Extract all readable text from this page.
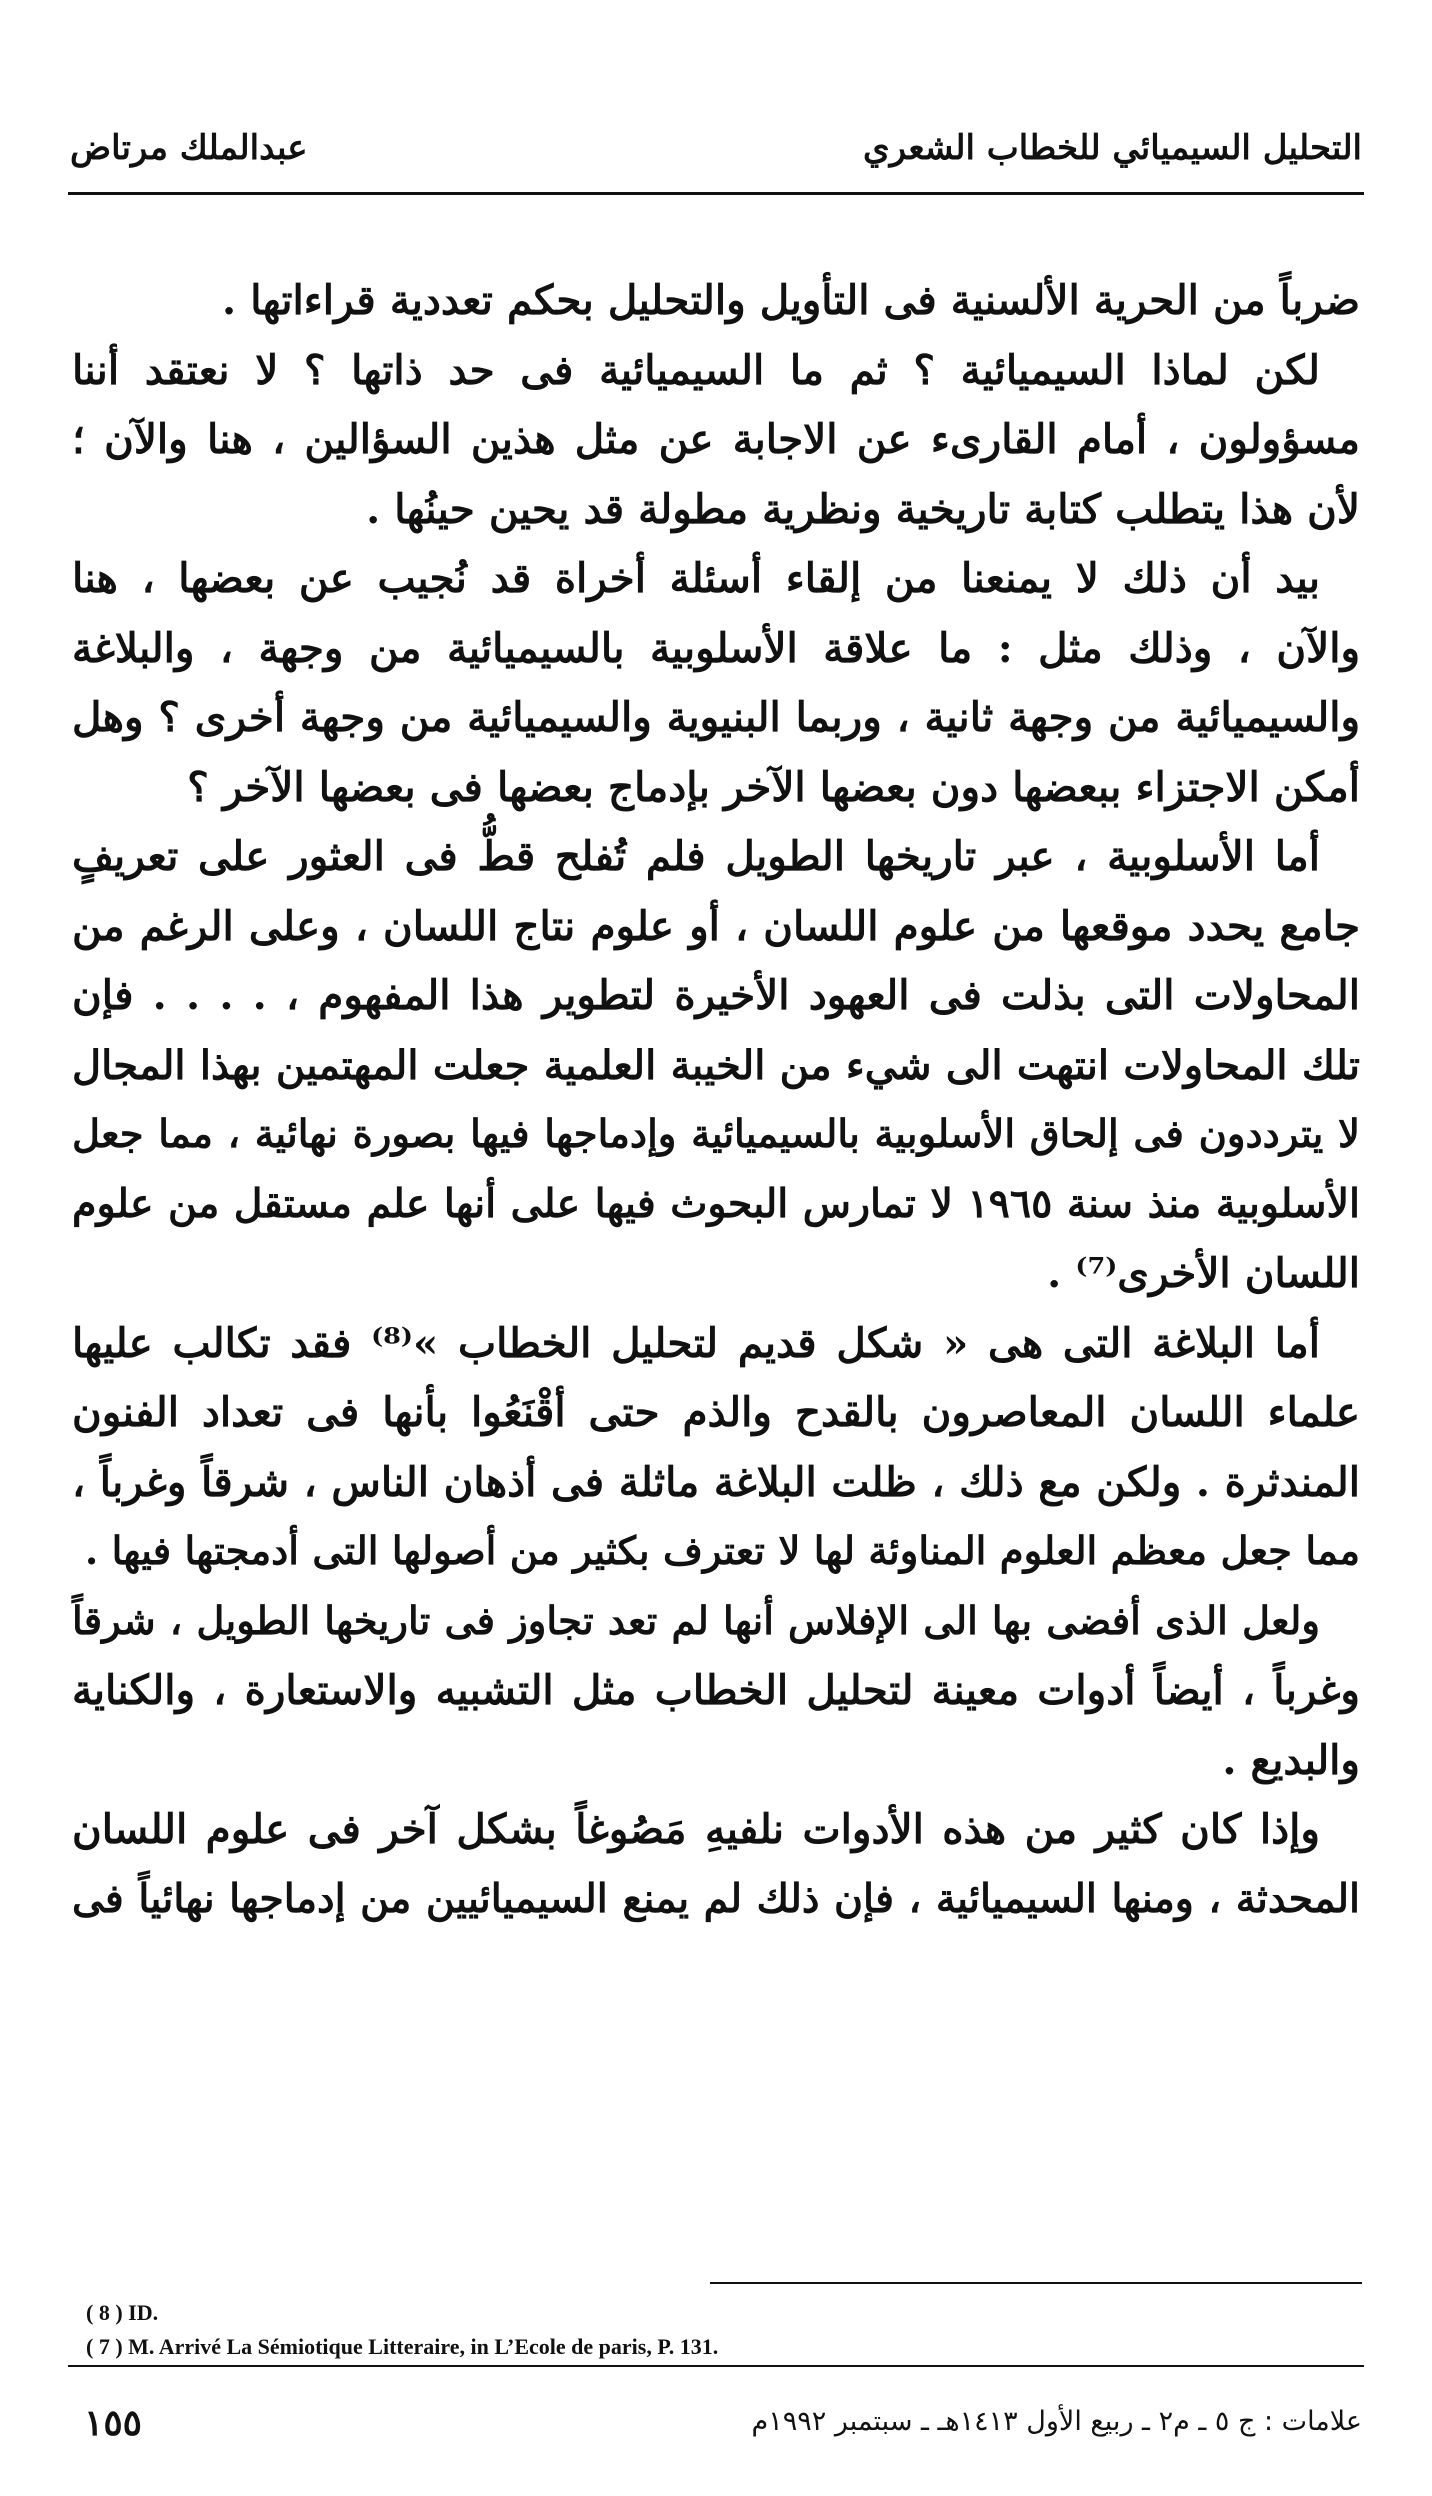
التحليل السيميائي للخطاب الشعري
عبدالملك مرتاض
ضرباً من الحرية الألسنية فى التأويل والتحليل بحكم تعددية قراءاتها .
لكن لماذا السيميائية ؟ ثم ما السيميائية فى حد ذاتها ؟ لا نعتقد أننا
مسؤولون ، أمام القارىء عن الاجابة عن مثل هذين السؤالين ، هنا والآن ؛
لأن هذا يتطلب كتابة تاريخية ونظرية مطولة قد يحين حينُها .
بيد أن ذلك لا يمنعنا من إلقاء أسئلة أخراة قد نُجيب عن بعضها ، هنا
والآن ، وذلك مثل : ما علاقة الأسلوبية بالسيميائية من وجهة ، والبلاغة
والسيميائية من وجهة ثانية ، وربما البنيوية والسيميائية من وجهة أخرى ؟ وهل
أمكن الاجتزاء ببعضها دون بعضها الآخر بإدماج بعضها فى بعضها الآخر ؟
أما الأسلوبية ، عبر تاريخها الطويل فلم تُفلح قطُّ فى العثور على تعريفٍ
جامع يحدد موقعها من علوم اللسان ، أو علوم نتاج اللسان ، وعلى الرغم من
المحاولات التى بذلت فى العهود الأخيرة لتطوير هذا المفهوم ، . . . . فإن
تلك المحاولات انتهت الى شيء من الخيبة العلمية جعلت المهتمين بهذا المجال
لا يترددون فى إلحاق الأسلوبية بالسيميائية وإدماجها فيها بصورة نهائية ، مما جعل
الأسلوبية منذ سنة ١٩٦٥ لا تمارس البحوث فيها على أنها علم مستقل من علوم
اللسان الأخرى⁽⁷⁾ .
أما البلاغة التى هى « شكل قديم لتحليل الخطاب »⁽⁸⁾ فقد تكالب عليها
علماء اللسان المعاصرون بالقدح والذم حتى أقْنَعُوا بأنها فى تعداد الفنون
المندثرة . ولكن مع ذلك ، ظلت البلاغة ماثلة فى أذهان الناس ، شرقاً وغرباً ،
مما جعل معظم العلوم المناوئة لها لا تعترف بكثير من أصولها التى أدمجتها فيها .
ولعل الذى أفضى بها الى الإفلاس أنها لم تعد تجاوز فى تاريخها الطويل ، شرقاً
وغرباً ، أيضاً أدوات معينة لتحليل الخطاب مثل التشبيه والاستعارة ، والكناية
والبديع .
وإذا كان كثير من هذه الأدوات نلفيهِ مَصُوغاً بشكل آخر فى علوم اللسان
المحدثة ، ومنها السيميائية ، فإن ذلك لم يمنع السيميائيين من إدماجها نهائياً فى
( 8 ) ID.
( 7 ) M. Arrivé La Sémiotique Litteraire, in L’Ecole de paris, P. 131.
علامات : ج ٥ ـ م٢ ـ ربيع الأول ١٤١٣هـ ـ سبتمبر ١٩٩٢م
١٥٥
